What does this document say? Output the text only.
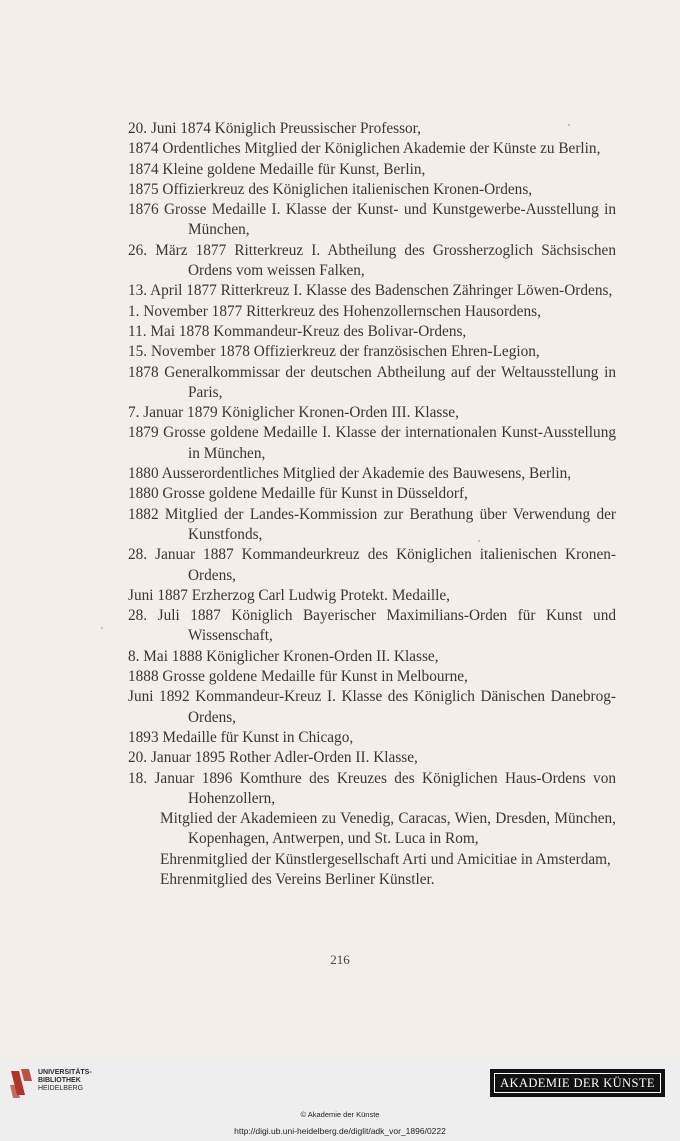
20. Juni 1874 Königlich Preussischer Professor,

1874 Ordentliches Mitglied der Königlichen Akademie der Künste zu Berlin,

1874 Kleine goldene Medaille für Kunst, Berlin,

1875 Offizierkreuz des Königlichen italienischen Kronen-Ordens,

1876 Grosse Medaille I. Klasse der Kunst- und Kunstgewerbe-Ausstellung in München,

26. März 1877 Ritterkreuz I. Abtheilung des Grossherzoglich Sächsischen Ordens vom weissen Falken,

13. April 1877 Ritterkreuz I. Klasse des Badenschen Zähringer Löwen-Ordens,

1. November 1877 Ritterkreuz des Hohenzollernschen Hausordens,

11. Mai 1878 Kommandeur-Kreuz des Bolivar-Ordens,

15. November 1878 Offizierkreuz der französischen Ehren-Legion,

1878 Generalkommissar der deutschen Abtheilung auf der Weltausstellung in Paris,

7. Januar 1879 Königlicher Kronen-Orden III. Klasse,

1879 Grosse goldene Medaille I. Klasse der internationalen Kunst-Ausstellung in München,

1880 Ausserordentliches Mitglied der Akademie des Bauwesens, Berlin,

1880 Grosse goldene Medaille für Kunst in Düsseldorf,

1882 Mitglied der Landes-Kommission zur Berathung über Verwendung der Kunstfonds,

28. Januar 1887 Kommandeurkreuz des Königlichen italienischen Kronen-Ordens,

Juni 1887 Erzherzog Carl Ludwig Protekt. Medaille,

28. Juli 1887 Königlich Bayerischer Maximilians-Orden für Kunst und Wissenschaft,

8. Mai 1888 Königlicher Kronen-Orden II. Klasse,

1888 Grosse goldene Medaille für Kunst in Melbourne,

Juni 1892 Kommandeur-Kreuz I. Klasse des Königlich Dänischen Danebrog-Ordens,

1893 Medaille für Kunst in Chicago,

20. Januar 1895 Rother Adler-Orden II. Klasse,

18. Januar 1896 Komthure des Kreuzes des Königlichen Haus-Ordens von Hohenzollern,

Mitglied der Akademieen zu Venedig, Caracas, Wien, Dresden, München, Kopenhagen, Antwerpen, und St. Luca in Rom,

Ehrenmitglied der Künstlergesellschaft Arti und Amicitiae in Amsterdam,

Ehrenmitglied des Vereins Berliner Künstler.

216
UNIVERSITÄTS-
BIBLIOTHEK
HEIDELBERG	AKADEMIE DER KÜNSTE
© Akademie der Künste
http://digi.ub.uni-heidelberg.de/diglit/adk_vor_1896/0222
